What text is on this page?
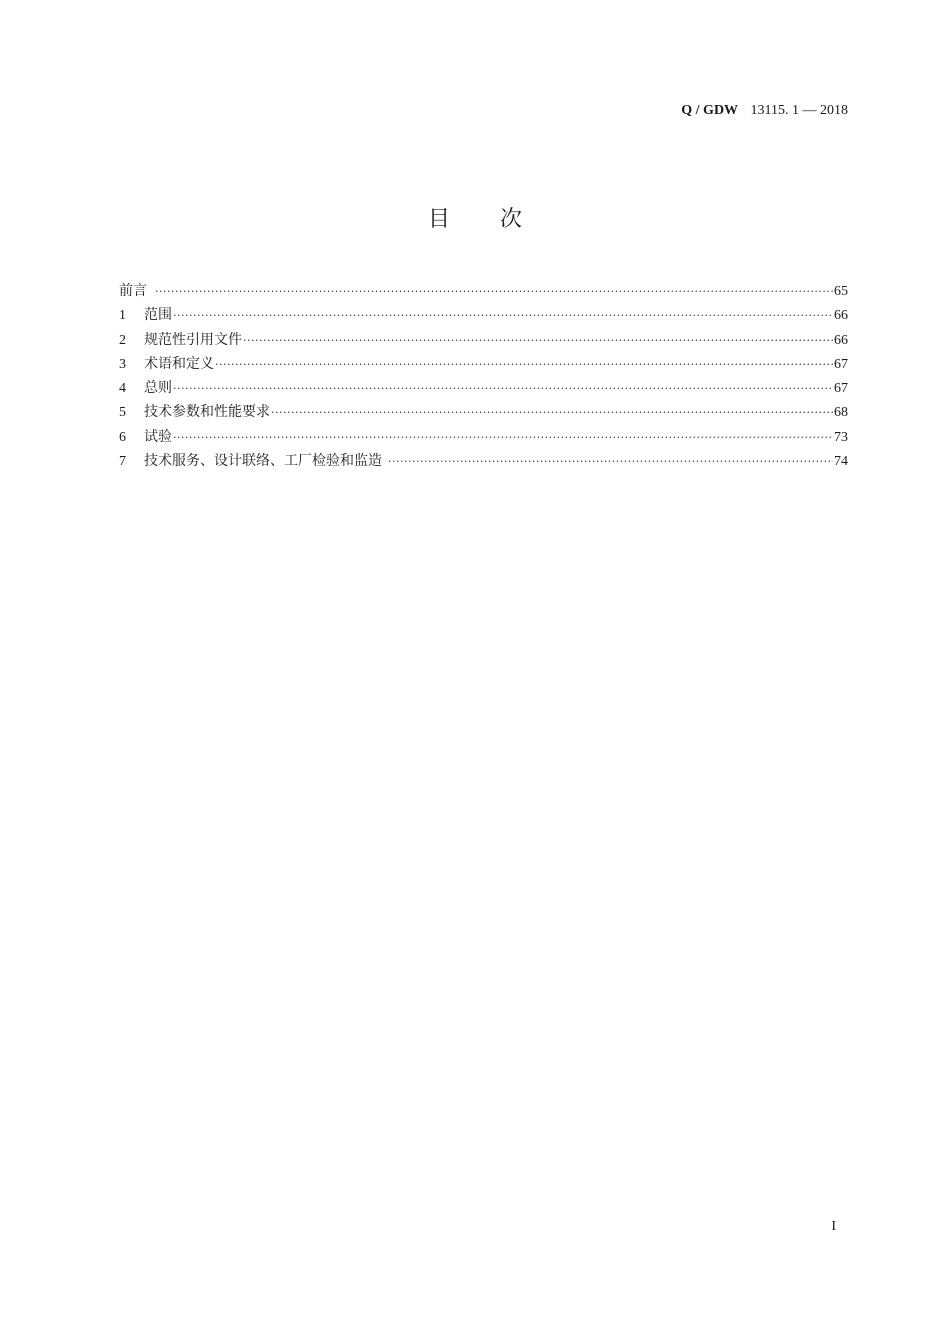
Q / GDW 13115. 1 — 2018
目 次
前言 ·····	65
1	范围 ·····	66
2	规范性引用文件 ·····	66
3	术语和定义 ·····	67
4	总则 ·····	67
5	技术参数和性能要求 ·····	68
6	试验 ·····	73
7	技术服务、设计联络、工厂检验和监造 ·····	74
I
